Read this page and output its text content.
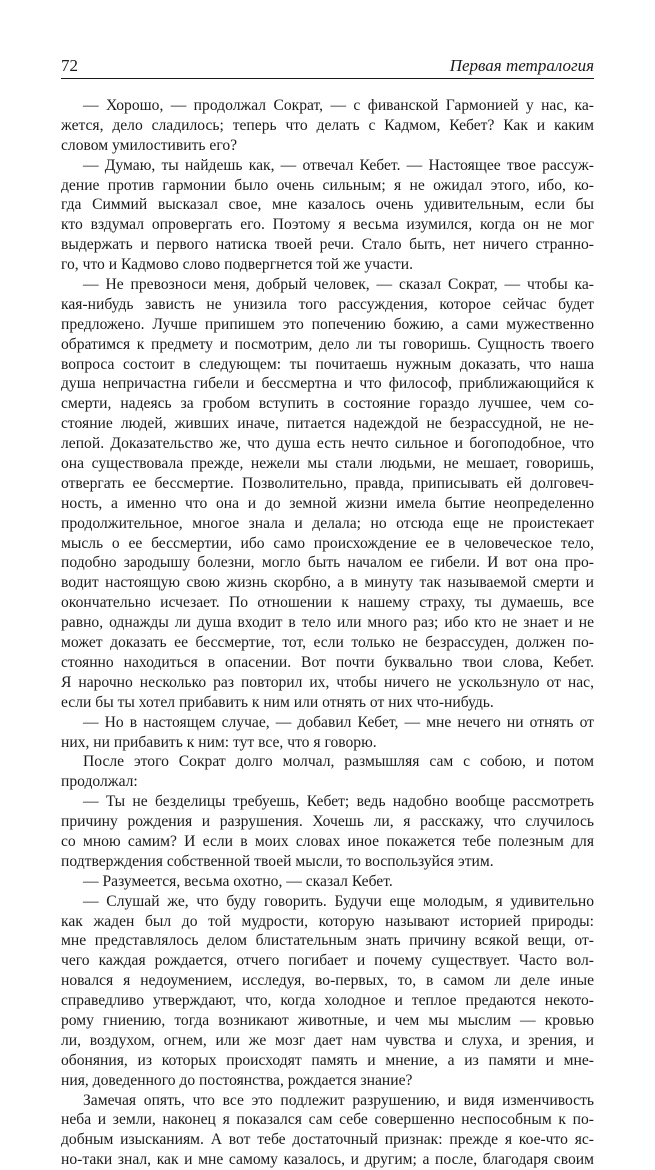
72	Первая тетралогия
— Хорошо, — продолжал Сократ, — с фиванской Гармонией у нас, ка-
жется, дело сладилось; теперь что делать с Кадмом, Кебет? Как и каким
словом умилостивить его?
— Думаю, ты найдешь как, — отвечал Кебет. — Настоящее твое рассуж-
дение против гармонии было очень сильным; я не ожидал этого, ибо, ко-
гда Симмий высказал свое, мне казалось очень удивительным, если бы
кто вздумал опровергать его. Поэтому я весьма изумился, когда он не мог
выдержать и первого натиска твоей речи. Стало быть, нет ничего странно-
го, что и Кадмово слово подвергнется той же участи.
— Не превозноси меня, добрый человек, — сказал Сократ, — чтобы ка-
кая-нибудь зависть не унизила того рассуждения, которое сейчас будет
предложено. Лучше припишем это попечению божию, а сами мужественно
обратимся к предмету и посмотрим, дело ли ты говоришь. Сущность твоего
вопроса состоит в следующем: ты почитаешь нужным доказать, что наша
душа непричастна гибели и бессмертна и что философ, приближающийся к
смерти, надеясь за гробом вступить в состояние гораздо лучшее, чем со-
стояние людей, живших иначе, питается надеждой не безрассудной, не не-
лепой. Доказательство же, что душа есть нечто сильное и богоподобное, что
она существовала прежде, нежели мы стали людьми, не мешает, говоришь,
отвергать ее бессмертие. Позволительно, правда, приписывать ей долговеч-
ность, а именно что она и до земной жизни имела бытие неопределенно
продолжительное, многое знала и делала; но отсюда еще не проистекает
мысль о ее бессмертии, ибо само происхождение ее в человеческое тело,
подобно зародышу болезни, могло быть началом ее гибели. И вот она про-
водит настоящую свою жизнь скорбно, а в минуту так называемой смерти и
окончательно исчезает. По отношении к нашему страху, ты думаешь, все
равно, однажды ли душа входит в тело или много раз; ибо кто не знает и не
может доказать ее бессмертие, тот, если только не безрассуден, должен по-
стоянно находиться в опасении. Вот почти буквально твои слова, Кебет.
Я нарочно несколько раз повторил их, чтобы ничего не ускользнуло от нас,
если бы ты хотел прибавить к ним или отнять от них что-нибудь.
— Но в настоящем случае, — добавил Кебет, — мне нечего ни отнять от
них, ни прибавить к ним: тут все, что я говорю.
После этого Сократ долго молчал, размышляя сам с собою, и потом
продолжал:
— Ты не безделицы требуешь, Кебет; ведь надобно вообще рассмотреть
причину рождения и разрушения. Хочешь ли, я расскажу, что случилось
со мною самим? И если в моих словах иное покажется тебе полезным для
подтверждения собственной твоей мысли, то воспользуйся этим.
— Разумеется, весьма охотно, — сказал Кебет.
— Слушай же, что буду говорить. Будучи еще молодым, я удивительно
как жаден был до той мудрости, которую называют историей природы:
мне представлялось делом блистательным знать причину всякой вещи, от-
чего каждая рождается, отчего погибает и почему существует. Часто вол-
новался я недоумением, исследуя, во-первых, то, в самом ли деле иные
справедливо утверждают, что, когда холодное и теплое предаются некото-
рому гниению, тогда возникают животные, и чем мы мыслим — кровью
ли, воздухом, огнем, или же мозг дает нам чувства и слуха, и зрения, и
обоняния, из которых происходят память и мнение, а из памяти и мне-
ния, доведенного до постоянства, рождается знание?
Замечая опять, что все это подлежит разрушению, и видя изменчивость
неба и земли, наконец я показался сам себе совершенно неспособным к по-
добным изысканиям. А вот тебе достаточный признак: прежде я кое-что яс-
но-таки знал, как и мне самому казалось, и другим; а после, благодаря своим
